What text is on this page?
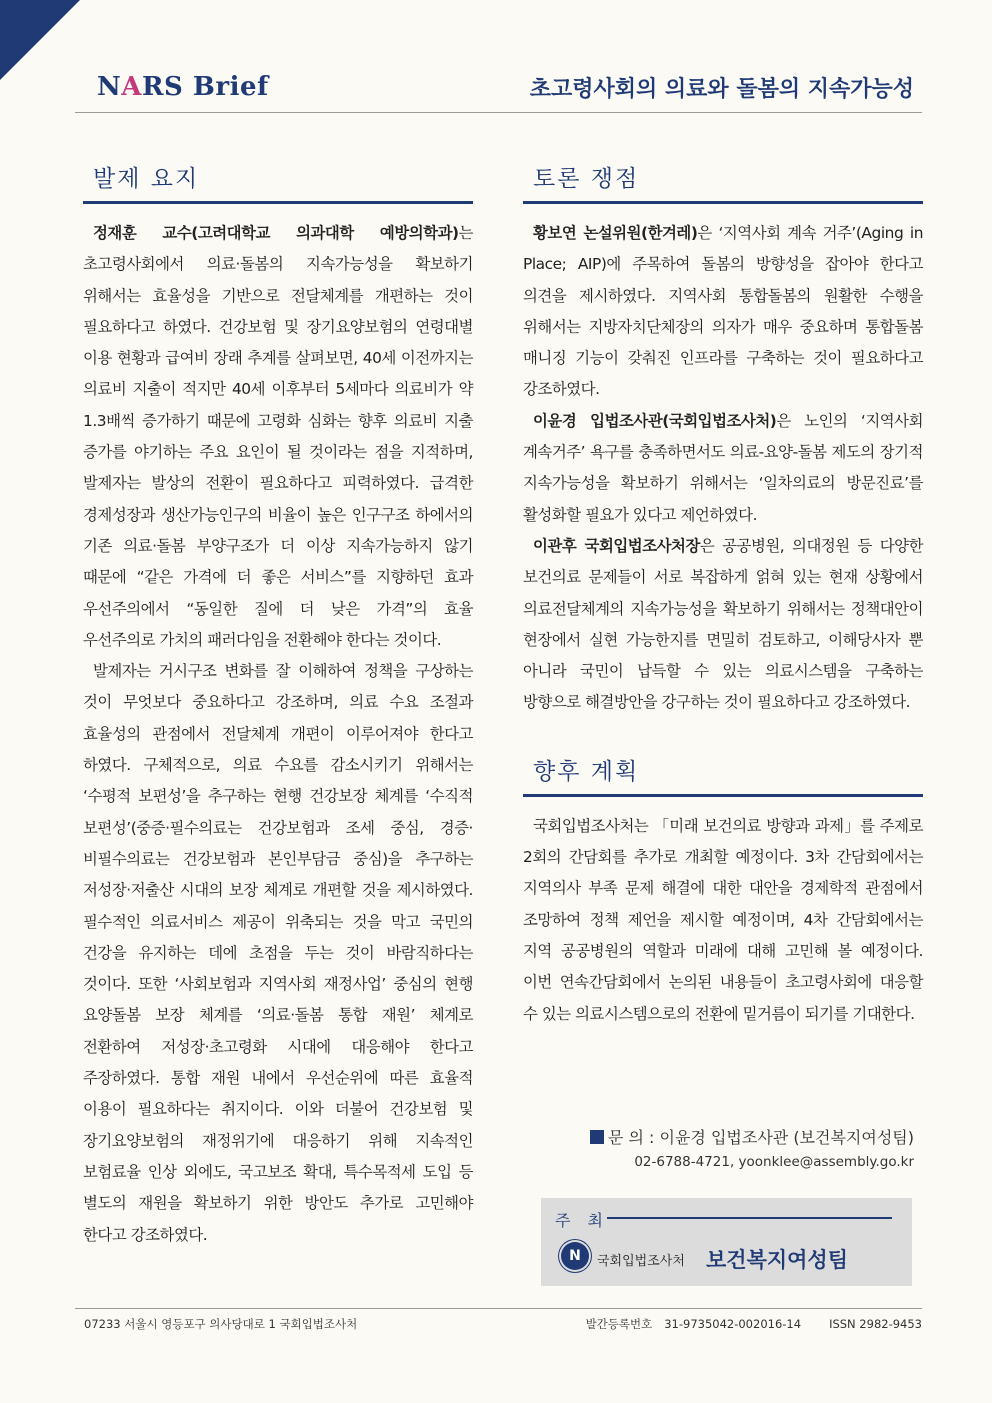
NARS Brief	초고령사회의 의료와 돌봄의 지속가능성
발제 요지

정재훈 교수(고려대학교 의과대학 예방의학과)는 초고령사회에서 의료·돌봄의 지속가능성을 확보하기 위해서는 효율성을 기반으로 전달체계를 개편하는 것이 필요하다고 하였다. 건강보험 및 장기요양보험의 연령대별 이용 현황과 급여비 장래 추계를 살펴보면, 40세 이전까지는 의료비 지출이 적지만 40세 이후부터 5세마다 의료비가 약 1.3배씩 증가하기 때문에 고령화 심화는 향후 의료비 지출 증가를 야기하는 주요 요인이 될 것이라는 점을 지적하며, 발제자는 발상의 전환이 필요하다고 피력하였다. 급격한 경제성장과 생산가능인구의 비율이 높은 인구구조 하에서의 기존 의료·돌봄 부양구조가 더 이상 지속가능하지 않기 때문에 “같은 가격에 더 좋은 서비스”를 지향하던 효과 우선주의에서 “동일한 질에 더 낮은 가격”의 효율 우선주의로 가치의 패러다임을 전환해야 한다는 것이다.

발제자는 거시구조 변화를 잘 이해하여 정책을 구상하는 것이 무엇보다 중요하다고 강조하며, 의료 수요 조절과 효율성의 관점에서 전달체계 개편이 이루어져야 한다고 하였다. 구체적으로, 의료 수요를 감소시키기 위해서는 ‘수평적 보편성’을 추구하는 현행 건강보장 체계를 ‘수직적 보편성’(중증·필수의료는 건강보험과 조세 중심, 경증·비필수의료는 건강보험과 본인부담금 중심)을 추구하는 저성장·저출산 시대의 보장 체계로 개편할 것을 제시하였다. 필수적인 의료서비스 제공이 위축되는 것을 막고 국민의 건강을 유지하는 데에 초점을 두는 것이 바람직하다는 것이다. 또한 ‘사회보험과 지역사회 재정사업’ 중심의 현행 요양돌봄 보장 체계를 ‘의료·돌봄 통합 재원’ 체계로 전환하여 저성장·초고령화 시대에 대응해야 한다고 주장하였다. 통합 재원 내에서 우선순위에 따른 효율적 이용이 필요하다는 취지이다. 이와 더불어 건강보험 및 장기요양보험의 재정위기에 대응하기 위해 지속적인 보험료율 인상 외에도, 국고보조 확대, 특수목적세 도입 등 별도의 재원을 확보하기 위한 방안도 추가로 고민해야 한다고 강조하였다.

토론 쟁점

황보연 논설위원(한겨레)은 ‘지역사회 계속 거주’(Aging in Place; AIP)에 주목하여 돌봄의 방향성을 잡아야 한다고 의견을 제시하였다. 지역사회 통합돌봄의 원활한 수행을 위해서는 지방자치단체장의 의자가 매우 중요하며 통합돌봄 매니징 기능이 갖춰진 인프라를 구축하는 것이 필요하다고 강조하였다.

이윤경 입법조사관(국회입법조사처)은 노인의 ‘지역사회 계속거주’ 욕구를 충족하면서도 의료-요양-돌봄 제도의 장기적 지속가능성을 확보하기 위해서는 ‘일차의료의 방문진료’를 활성화할 필요가 있다고 제언하였다.

이관후 국회입법조사처장은 공공병원, 의대정원 등 다양한 보건의료 문제들이 서로 복잡하게 얽혀 있는 현재 상황에서 의료전달체계의 지속가능성을 확보하기 위해서는 정책대안이 현장에서 실현 가능한지를 면밀히 검토하고, 이해당사자 뿐 아니라 국민이 납득할 수 있는 의료시스템을 구축하는 방향으로 해결방안을 강구하는 것이 필요하다고 강조하였다.

향후 계획

국회입법조사처는 「미래 보건의료 방향과 과제」를 주제로 2회의 간담회를 추가로 개최할 예정이다. 3차 간담회에서는 지역의사 부족 문제 해결에 대한 대안을 경제학적 관점에서 조망하여 정책 제언을 제시할 예정이며, 4차 간담회에서는 지역 공공병원의 역할과 미래에 대해 고민해 볼 예정이다. 이번 연속간담회에서 논의된 내용들이 초고령사회에 대응할 수 있는 의료시스템으로의 전환에 밑거름이 되기를 기대한다.

문 의 : 이윤경 입법조사관 (보건복지여성팀)
02-6788-4721, yoonklee@assembly.go.kr
주 최
N	국회입법조사처 보건복지여성팀
07233 서울시 영등포구 의사당대로 1 국회입법조사처	발간등록번호 31-9735042-002016-14 ISSN 2982-9453
